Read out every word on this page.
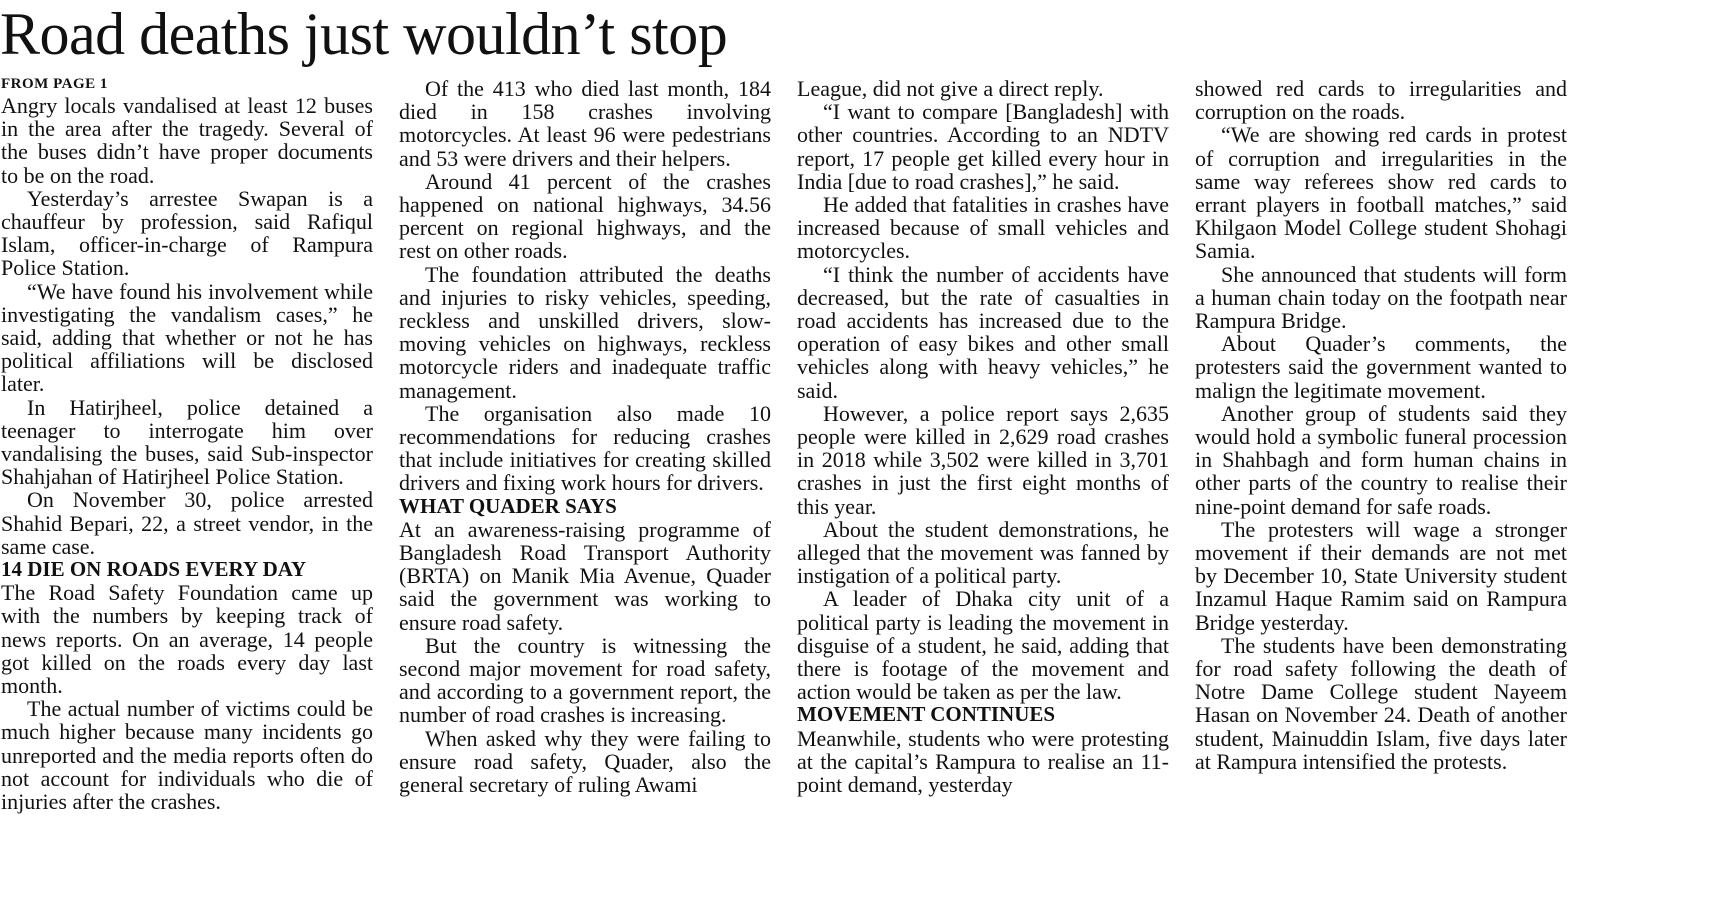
Road deaths just wouldn’t stop
FROM PAGE 1

Angry locals vandalised at least 12 buses in the area after the tragedy. Several of the buses didn’t have proper documents to be on the road.

Yesterday’s arrestee Swapan is a chauffeur by profession, said Rafiqul Islam, officer-in-charge of Rampura Police Station.

“We have found his involvement while investigating the vandalism cases,” he said, adding that whether or not he has political affiliations will be disclosed later.

In Hatirjheel, police detained a teenager to interrogate him over vandalising the buses, said Sub-inspector Shahjahan of Hatirjheel Police Station.

On November 30, police arrested Shahid Bepari, 22, a street vendor, in the same case.

14 DIE ON ROADS EVERY DAY

The Road Safety Foundation came up with the numbers by keeping track of news reports. On an average, 14 people got killed on the roads every day last month.

The actual number of victims could be much higher because many incidents go unreported and the media reports often do not account for individuals who die of injuries after the crashes.

Of the 413 who died last month, 184 died in 158 crashes involving motorcycles. At least 96 were pedestrians and 53 were drivers and their helpers.

Around 41 percent of the crashes happened on national highways, 34.56 percent on regional highways, and the rest on other roads.

The foundation attributed the deaths and injuries to risky vehicles, speeding, reckless and unskilled drivers, slow-moving vehicles on highways, reckless motorcycle riders and inadequate traffic management.

The organisation also made 10 recommendations for reducing crashes that include initiatives for creating skilled drivers and fixing work hours for drivers.

WHAT QUADER SAYS

At an awareness-raising programme of Bangladesh Road Transport Authority (BRTA) on Manik Mia Avenue, Quader said the government was working to ensure road safety.

But the country is witnessing the second major movement for road safety, and according to a government report, the number of road crashes is increasing.

When asked why they were failing to ensure road safety, Quader, also the general secretary of ruling Awami

League, did not give a direct reply.

“I want to compare [Bangladesh] with other countries. According to an NDTV report, 17 people get killed every hour in India [due to road crashes],” he said.

He added that fatalities in crashes have increased because of small vehicles and motorcycles.

“I think the number of accidents have decreased, but the rate of casualties in road accidents has increased due to the operation of easy bikes and other small vehicles along with heavy vehicles,” he said.

However, a police report says 2,635 people were killed in 2,629 road crashes in 2018 while 3,502 were killed in 3,701 crashes in just the first eight months of this year.

About the student demonstrations, he alleged that the movement was fanned by instigation of a political party.

A leader of Dhaka city unit of a political party is leading the movement in disguise of a student, he said, adding that there is footage of the movement and action would be taken as per the law.

MOVEMENT CONTINUES

Meanwhile, students who were protesting at the capital’s Rampura to realise an 11-point demand, yesterday

showed red cards to irregularities and corruption on the roads.

“We are showing red cards in protest of corruption and irregularities in the same way referees show red cards to errant players in football matches,” said Khilgaon Model College student Shohagi Samia.

She announced that students will form a human chain today on the footpath near Rampura Bridge.

About Quader’s comments, the protesters said the government wanted to malign the legitimate movement.

Another group of students said they would hold a symbolic funeral procession in Shahbagh and form human chains in other parts of the country to realise their nine-point demand for safe roads.

The protesters will wage a stronger movement if their demands are not met by December 10, State University student Inzamul Haque Ramim said on Rampura Bridge yesterday.

The students have been demonstrating for road safety following the death of Notre Dame College student Nayeem Hasan on November 24. Death of another student, Mainuddin Islam, five days later at Rampura intensified the protests.
